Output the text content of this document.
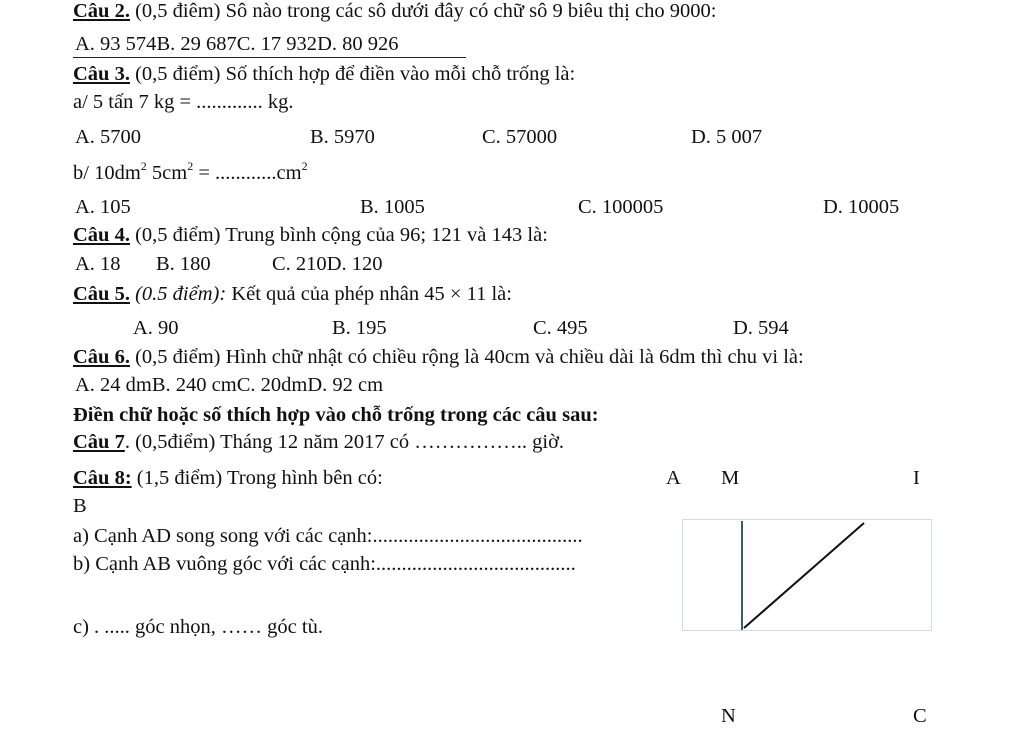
Câu 2. (0,5 điêm) Sô nào trong các sô dưới đây có chữ sô 9 biêu thị cho 9000:
A. 93 574B. 29 687C. 17 932D. 80 926
Câu 3. (0,5 điểm) Số thích hợp để điền vào mỗi chỗ trống là:
a/ 5 tấn 7 kg = ............. kg.
A. 5700	B. 5970	C. 57000	D. 5 007
b/ $10dm^2$ $5cm^2 = ............cm^2$
A. 105	B. 1005	C. 100005	D. 10005
Câu 4. (0,5 điểm) Trung bình cộng của 96; 121 và 143 là:
A. 18 B. 180	C. 210D. 120
Câu 5. (0.5 điểm): Kết quả của phép nhân 45 × 11 là:
A. 90	B. 195	C. 495	D. 594
Câu 6. (0,5 điểm) Hình chữ nhật có chiều rộng là 40cm và chiều dài là 6dm thì chu vi là:
A. 24 dmB. 240 cmC. 20dmD. 92 cm
Điền chữ hoặc số thích hợp vào chỗ trống trong các câu sau:
Câu 7. (0,5điểm) Tháng 12 năm 2017 có …………….. giờ.
Câu 8: (1,5 điểm) Trong hình bên có:
a) Cạnh AD song song với các cạnh:.........................................
b) Cạnh AB vuông góc với các cạnh:.......................................
c) . ..... góc nhọn, …… góc tù.
A M	I
B
N	C
